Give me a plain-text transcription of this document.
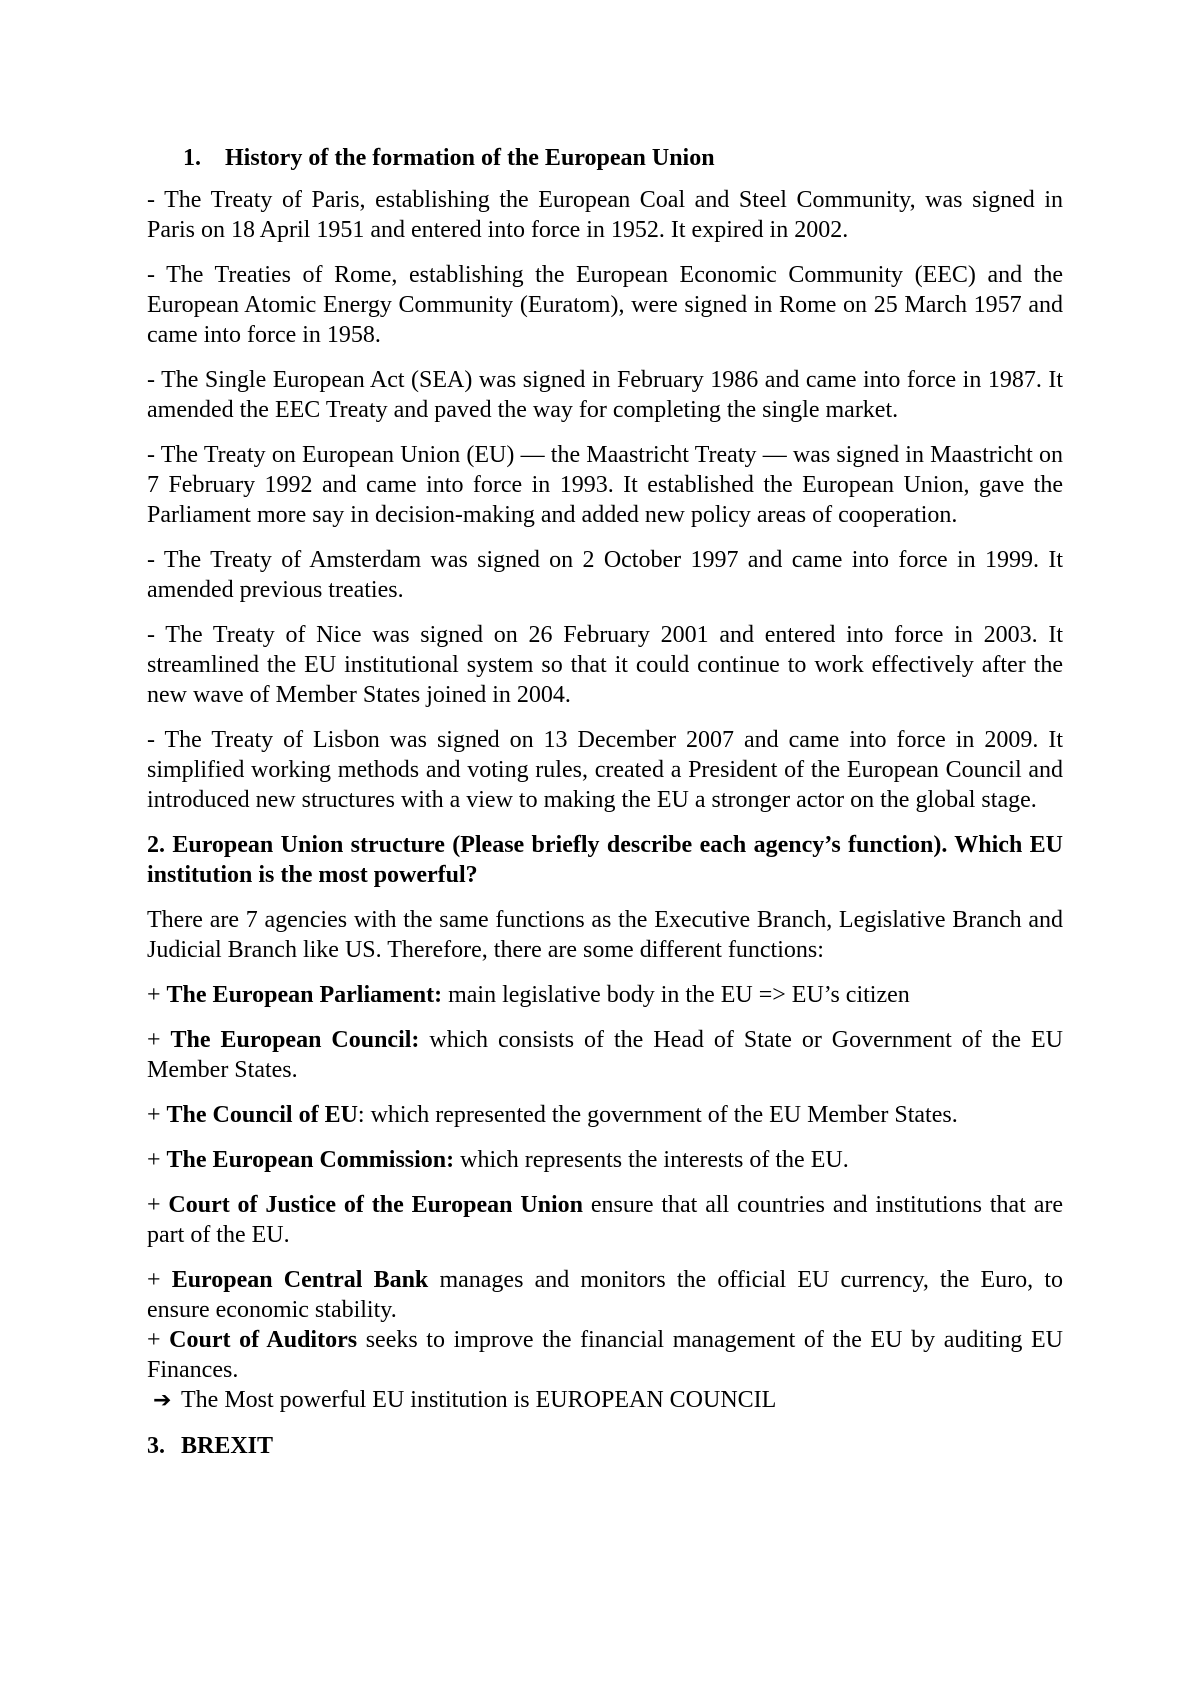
1. History of the formation of the European Union
- The Treaty of Paris, establishing the European Coal and Steel Community, was signed in Paris on 18 April 1951 and entered into force in 1952. It expired in 2002.
- The Treaties of Rome, establishing the European Economic Community (EEC) and the European Atomic Energy Community (Euratom), were signed in Rome on 25 March 1957 and came into force in 1958.
- The Single European Act (SEA) was signed in February 1986 and came into force in 1987. It amended the EEC Treaty and paved the way for completing the single market.
- The Treaty on European Union (EU) — the Maastricht Treaty — was signed in Maastricht on 7 February 1992 and came into force in 1993. It established the European Union, gave the Parliament more say in decision-making and added new policy areas of cooperation.
- The Treaty of Amsterdam was signed on 2 October 1997 and came into force in 1999. It amended previous treaties.
- The Treaty of Nice was signed on 26 February 2001 and entered into force in 2003. It streamlined the EU institutional system so that it could continue to work effectively after the new wave of Member States joined in 2004.
- The Treaty of Lisbon was signed on 13 December 2007 and came into force in 2009. It simplified working methods and voting rules, created a President of the European Council and introduced new structures with a view to making the EU a stronger actor on the global stage.
2. European Union structure (Please briefly describe each agency’s function). Which EU institution is the most powerful?
There are 7 agencies with the same functions as the Executive Branch, Legislative Branch and Judicial Branch like US. Therefore, there are some different functions:
+ The European Parliament: main legislative body in the EU => EU’s citizen
+ The European Council: which consists of the Head of State or Government of the EU Member States.
+ The Council of EU: which represented the government of the EU Member States.
+ The European Commission: which represents the interests of the EU.
+ Court of Justice of the European Union ensure that all countries and institutions that are part of the EU.
+ European Central Bank manages and monitors the official EU currency, the Euro, to ensure economic stability.
+ Court of Auditors seeks to improve the financial management of the EU by auditing EU Finances.
➔ The Most powerful EU institution is EUROPEAN COUNCIL
3. BREXIT
